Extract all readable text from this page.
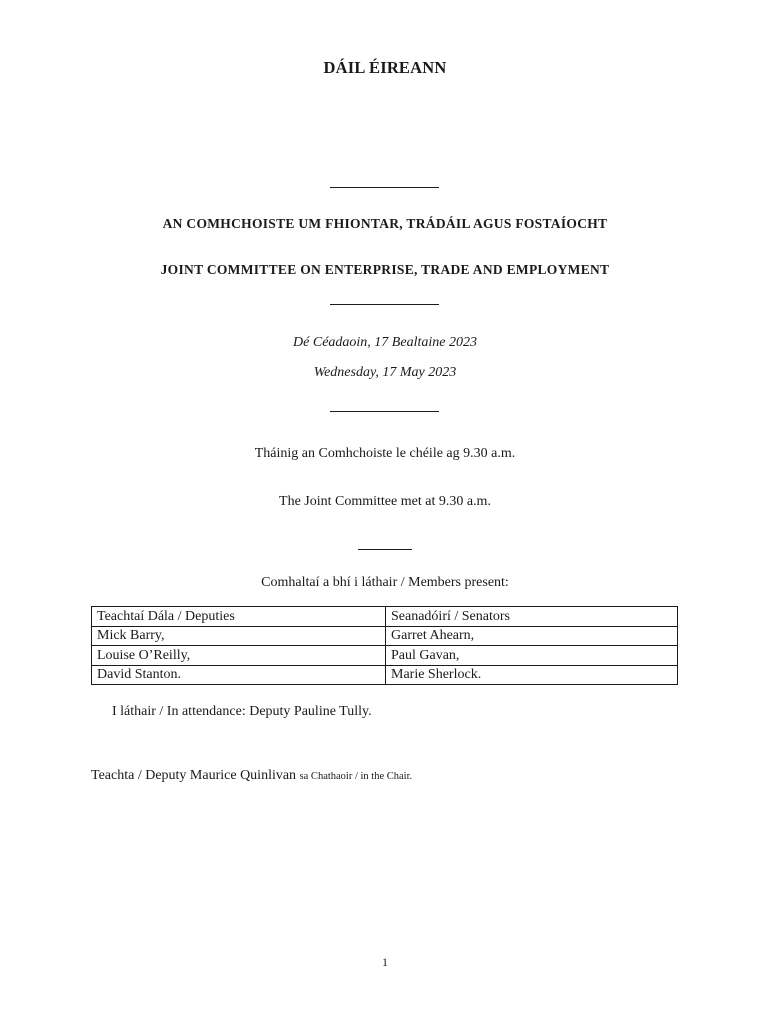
DÁIL ÉIREANN
AN COMHCHOISTE UM FHIONTAR, TRÁDÁIL AGUS FOSTAÍOCHT
JOINT COMMITTEE ON ENTERPRISE, TRADE AND EMPLOYMENT
Dé Céadaoin, 17 Bealtaine 2023
Wednesday, 17 May 2023
Tháinig an Comhchoiste le chéile ag 9.30 a.m.
The Joint Committee met at 9.30 a.m.
Comhaltaí a bhí i láthair / Members present:
Teachtaí Dála / Deputies	Seanadóirí / Senators
Mick Barry,	Garret Ahearn,
Louise O’Reilly,	Paul Gavan,
David Stanton.	Marie Sherlock.
I láthair / In attendance: Deputy Pauline Tully.
Teachta / Deputy Maurice Quinlivan sa Chathaoir / in the Chair.
1
